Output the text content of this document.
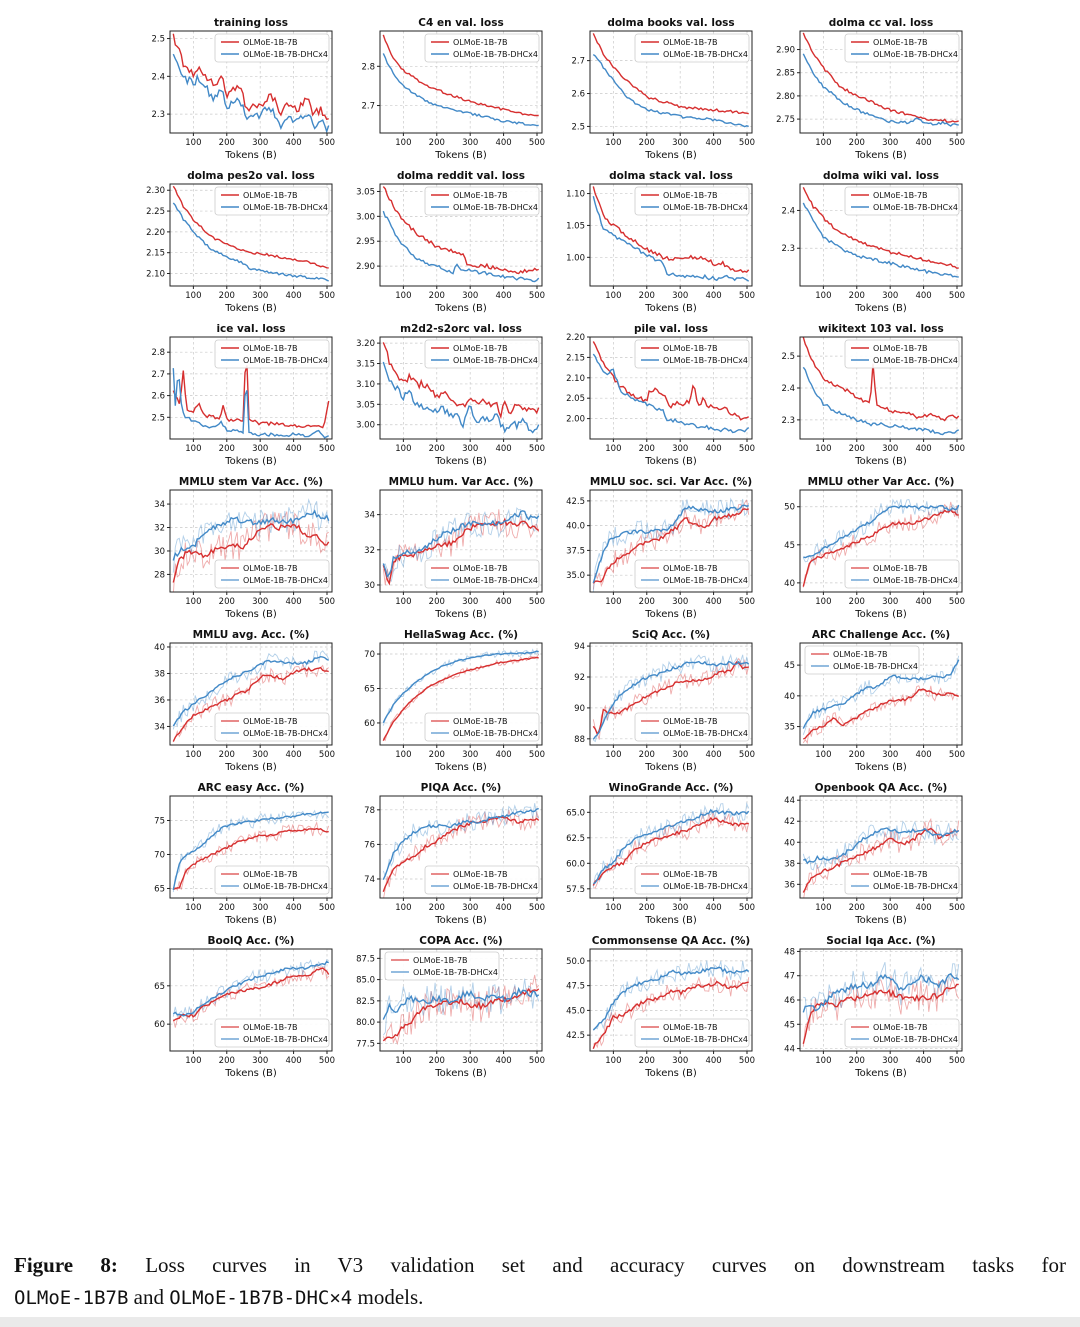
2.3
2.4
2.5
100 200 300 400 500
Tokens (B)
training loss
OLMoE-1B-7B
OLMoE-1B-7B-DHCx4
2.7
2.8
100 200 300 400 500
Tokens (B)
C4 en val. loss
OLMoE-1B-7B
OLMoE-1B-7B-DHCx4
2.5
2.6
2.7
100 200 300 400 500
Tokens (B)
dolma books val. loss
OLMoE-1B-7B
OLMoE-1B-7B-DHCx4
2.75
2.80
2.85
2.90
100 200 300 400 500
Tokens (B)
dolma cc val. loss
OLMoE-1B-7B
OLMoE-1B-7B-DHCx4
2.10
2.15
2.20
2.25
2.30
100 200 300 400 500
Tokens (B)
dolma pes2o val. loss
OLMoE-1B-7B
OLMoE-1B-7B-DHCx4
2.90
2.95
3.00
3.05
100 200 300 400 500
Tokens (B)
dolma reddit val. loss
OLMoE-1B-7B
OLMoE-1B-7B-DHCx4
1.00
1.05
1.10
100 200 300 400 500
Tokens (B)
dolma stack val. loss
OLMoE-1B-7B
OLMoE-1B-7B-DHCx4
2.3
2.4
100 200 300 400 500
Tokens (B)
dolma wiki val. loss
OLMoE-1B-7B
OLMoE-1B-7B-DHCx4
2.5
2.6
2.7
2.8
100 200 300 400 500
Tokens (B)
ice val. loss
OLMoE-1B-7B
OLMoE-1B-7B-DHCx4
3.00
3.05
3.10
3.15
3.20
100 200 300 400 500
Tokens (B)
m2d2-s2orc val. loss
OLMoE-1B-7B
OLMoE-1B-7B-DHCx4
2.00
2.05
2.10
2.15
2.20
100 200 300 400 500
Tokens (B)
pile val. loss
OLMoE-1B-7B
OLMoE-1B-7B-DHCx4
2.3
2.4
2.5
100 200 300 400 500
Tokens (B)
wikitext 103 val. loss
OLMoE-1B-7B
OLMoE-1B-7B-DHCx4
28
30
32
34
100 200 300 400 500
Tokens (B)
MMLU stem Var Acc. (%)
OLMoE-1B-7B
OLMoE-1B-7B-DHCx4
30
32
34
100 200 300 400 500
Tokens (B)
MMLU hum. Var Acc. (%)
OLMoE-1B-7B
OLMoE-1B-7B-DHCx4	35.0
37.5
40.0
42.5
100 200 300 400 500
Tokens (B)
MMLU soc. sci. Var Acc. (%)
OLMoE-1B-7B
OLMoE-1B-7B-DHCx4	40
45
50
100 200 300 400 500
Tokens (B)
MMLU other Var Acc. (%)
OLMoE-1B-7B
OLMoE-1B-7B-DHCx4
34
36
38
40
100 200 300 400 500
Tokens (B)
MMLU avg. Acc. (%)
OLMoE-1B-7B
OLMoE-1B-7B-DHCx4
60
65
70
100 200 300 400 500
Tokens (B)
HellaSwag Acc. (%)
OLMoE-1B-7B
OLMoE-1B-7B-DHCx4
88
90
92
94
100 200 300 400 500
Tokens (B)
SciQ Acc. (%)
OLMoE-1B-7B
OLMoE-1B-7B-DHCx4
35
40
45
100 200 300 400 500
Tokens (B)
ARC Challenge Acc. (%)
OLMoE-1B-7B
OLMoE-1B-7B-DHCx4
65
70
75
100 200 300 400 500
Tokens (B)
ARC easy Acc. (%)
OLMoE-1B-7B
OLMoE-1B-7B-DHCx4
74
76
78
100 200 300 400 500
Tokens (B)
PIQA Acc. (%)
OLMoE-1B-7B
OLMoE-1B-7B-DHCx4	57.5
60.0
62.5
65.0
100 200 300 400 500
Tokens (B)
WinoGrande Acc. (%)
OLMoE-1B-7B
OLMoE-1B-7B-DHCx4	36
38
40
42
44
100 200 300 400 500
Tokens (B)
Openbook QA Acc. (%)
OLMoE-1B-7B
OLMoE-1B-7B-DHCx4
60
65
100 200 300 400 500
Tokens (B)
BoolQ Acc. (%)
OLMoE-1B-7B
OLMoE-1B-7B-DHCx4	77.5
80.0
82.5
85.0
87.5
100 200 300 400 500
Tokens (B)
COPA Acc. (%)
OLMoE-1B-7B
OLMoE-1B-7B-DHCx4
42.5
45.0
47.5
50.0
100 200 300 400 500
Tokens (B)
Commonsense QA Acc. (%)
OLMoE-1B-7B
OLMoE-1B-7B-DHCx4
44
45
46
47
48
100 200 300 400 500
Tokens (B)
Social Iqa Acc. (%)
OLMoE-1B-7B
OLMoE-1B-7B-DHCx4
Figure 8: Loss curves in V3 validation set and accuracy curves on downstream tasks for
OLMoE-1B7B and OLMoE-1B7B-DHC×4 models.
